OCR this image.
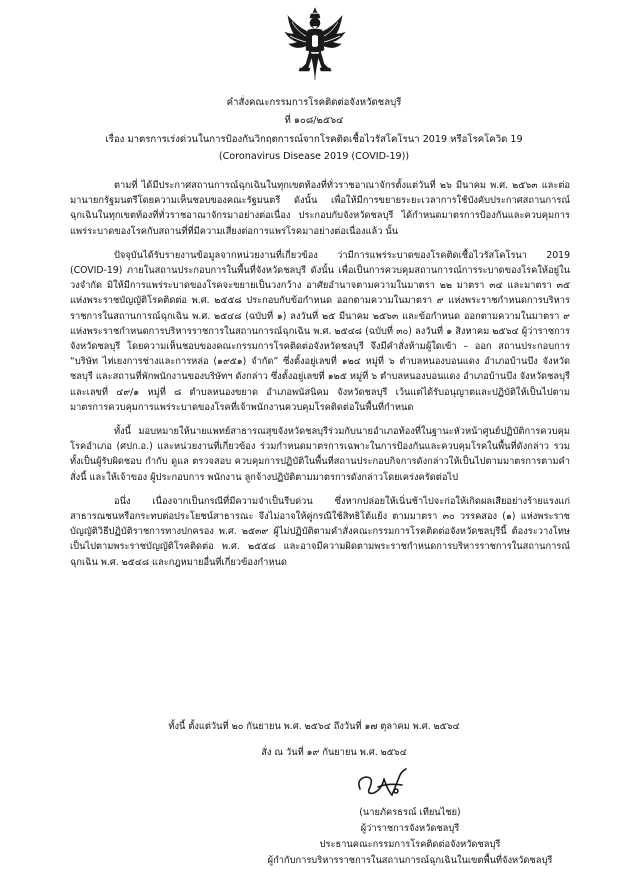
คำสั่งคณะกรรมการโรคติดต่อจังหวัดชลบุรี
ที่ ๑๐๘/๒๕๖๔
เรื่อง มาตรการเร่งด่วนในการป้องกันวิกฤตการณ์จากโรคติดเชื้อไวรัสโคโรนา 2019 หรือโรคโควิด 19
(Coronavirus Disease 2019 (COVID-19))

ตามที่ ได้มีประกาศสถานการณ์ฉุกเฉินในทุกเขตท้องที่ทั่วราชอาณาจักรตั้งแต่วันที่ ๒๖ มีนาคม พ.ศ. ๒๕๖๓ และต่อมานายกรัฐมนตรีโดยความเห็นชอบของคณะรัฐมนตรี ดังนั้น เพื่อให้มีการขยายระยะเวลาการใช้บังคับประกาศสถานการณ์ฉุกเฉินในทุกเขตท้องที่ทั่วราชอาณาจักรมาอย่างต่อเนื่อง ประกอบกับจังหวัดชลบุรี ได้กำหนดมาตรการป้องกันและควบคุมการแพร่ระบาดของโรคกับสถานที่ที่มีความเสี่ยงต่อการแพร่โรคมาอย่างต่อเนื่องแล้ว นั้น

ปัจจุบันได้รับรายงานข้อมูลจากหน่วยงานที่เกี่ยวข้อง ว่ามีการแพร่ระบาดของโรคติดเชื้อไวรัสโคโรนา 2019 (COVID-19) ภายในสถานประกอบการในพื้นที่จังหวัดชลบุรี ดังนั้น เพื่อเป็นการควบคุมสถานการณ์การระบาดของโรคให้อยู่ในวงจำกัด มิให้มีการแพร่ระบาดของโรคจะขยายเป็นวงกว้าง อาศัยอำนาจตามความในมาตรา ๒๒ มาตรา ๓๔ และมาตรา ๓๕ แห่งพระราชบัญญัติโรคติดต่อ พ.ศ. ๒๕๕๘ ประกอบกับข้อกำหนด ออกตามความในมาตรา ๙ แห่งพระราชกำหนดการบริหารราชการในสถานการณ์ฉุกเฉิน พ.ศ. ๒๕๔๘ (ฉบับที่ ๑) ลงวันที่ ๒๕ มีนาคม ๒๕๖๓ และข้อกำหนด ออกตามความในมาตรา ๙ แห่งพระราชกำหนดการบริหารราชการในสถานการณ์ฉุกเฉิน พ.ศ. ๒๕๔๘ (ฉบับที่ ๓๐) ลงวันที่ ๑ สิงหาคม ๒๕๖๔ ผู้ว่าราชการจังหวัดชลบุรี โดยความเห็นชอบของคณะกรรมการโรคติดต่อจังหวัดชลบุรี จึงมีคำสั่งห้ามผู้ใดเข้า – ออก สถานประกอบการ “บริษัท ไท่เยงการช่างและการหล่อ (๑๙๕๑) จำกัด” ซึ่งตั้งอยู่เลขที่ ๑๒๔ หมู่ที่ ๖ ตำบลหนองบอนแดง อำเภอบ้านบึง จังหวัดชลบุรี และสถานที่พักพนักงานของบริษัทฯ ดังกล่าว ซึ่งตั้งอยู่เลขที่ ๑๒๕ หมู่ที่ ๖ ตำบลหนองบอนแดง อำเภอบ้านบึง จังหวัดชลบุรี และเลขที่ ๔๙/๑ หมู่ที่ ๘ ตำบลหนองขยาด อำเภอพนัสนิคม จังหวัดชลบุรี เว้นแต่ได้รับอนุญาตและปฏิบัติให้เป็นไปตามมาตรการควบคุมการแพร่ระบาดของโรคที่เจ้าพนักงานควบคุมโรคติดต่อในพื้นที่กำหนด

ทั้งนี้ มอบหมายให้นายแพทย์สาธารณสุขจังหวัดชลบุรีร่วมกับนายอำเภอท้องที่ในฐานะหัวหน้าศูนย์ปฏิบัติการควบคุมโรคอำเภอ (ศปก.อ.) และหน่วยงานที่เกี่ยวข้อง ร่วมกำหนดมาตรการเฉพาะในการป้องกันและควบคุมโรคในพื้นที่ดังกล่าว รวมทั้งเป็นผู้รับผิดชอบ กำกับ ดูแล ตรวจสอบ ควบคุมการปฏิบัติในพื้นที่สถานประกอบกิจการดังกล่าวให้เป็นไปตามมาตรการตามคำสั่งนี้ และให้เจ้าของ ผู้ประกอบการ พนักงาน ลูกจ้างปฏิบัติตามมาตรการดังกล่าวโดยเคร่งครัดต่อไป

อนึ่ง เนื่องจากเป็นกรณีที่มีความจำเป็นรีบด่วน ซึ่งหากปล่อยให้เนิ่นช้าไปจะก่อให้เกิดผลเสียอย่างร้ายแรงแก่สาธารณชนหรือกระทบต่อประโยชน์สาธารณะ จึงไม่อาจให้คู่กรณีใช้สิทธิโต้แย้ง ตามมาตรา ๓๐ วรรคสอง (๑) แห่งพระราชบัญญัติวิธีปฏิบัติราชการทางปกครอง พ.ศ. ๒๕๓๙ ผู้ไม่ปฏิบัติตามคำสั่งคณะกรรมการโรคติดต่อจังหวัดชลบุรีนี้ ต้องระวางโทษเป็นไปตามพระราชบัญญัติโรคติดต่อ พ.ศ. ๒๕๕๘ และอาจมีความผิดตามพระราชกำหนดการบริหารราชการในสถานการณ์ฉุกเฉิน พ.ศ. ๒๕๔๘ และกฎหมายอื่นที่เกี่ยวข้องกำหนด

ทั้งนี้ ตั้งแต่วันที่ ๒๐ กันยายน พ.ศ. ๒๕๖๔ ถึงวันที่ ๑๗ ตุลาคม พ.ศ. ๒๕๖๔
สั่ง ณ วันที่ ๑๙ กันยายน พ.ศ. ๒๕๖๔
(นายภัครธรณ์ เทียนไชย)
ผู้ว่าราชการจังหวัดชลบุรี
ประธานคณะกรรมการโรคติดต่อจังหวัดชลบุรี
ผู้กำกับการบริหารราชการในสถานการณ์ฉุกเฉินในเขตพื้นที่จังหวัดชลบุรี
